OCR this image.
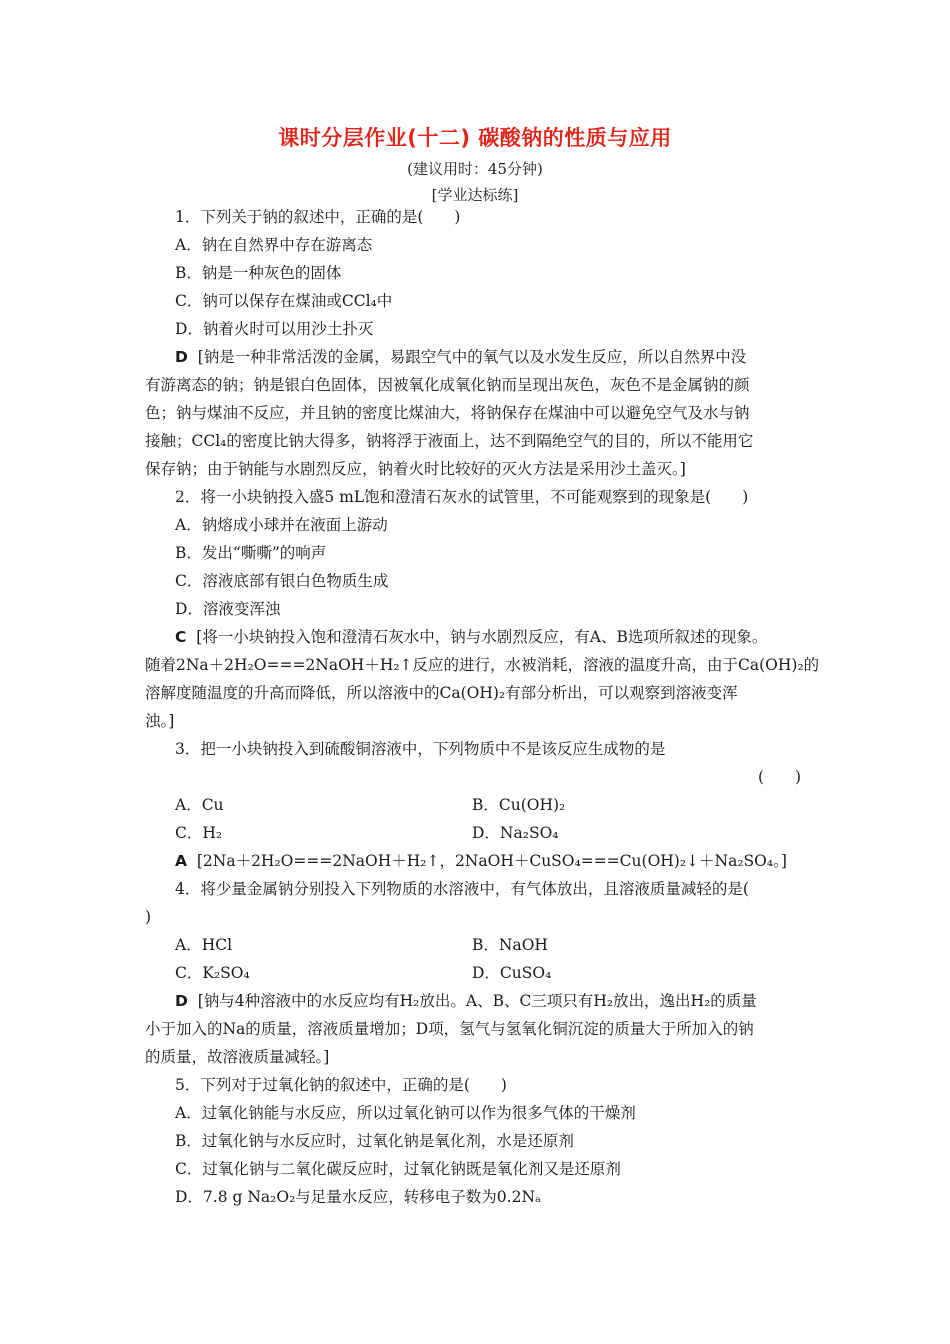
课时分层作业(十二) 碳酸钠的性质与应用
(建议用时：45分钟)
[学业达标练]
1．下列关于钠的叙述中，正确的是(　　)
A．钠在自然界中存在游离态
B．钠是一种灰色的固体
C．钠可以保存在煤油或CCl₄中
D．钠着火时可以用沙土扑灭
D [钠是一种非常活泼的金属，易跟空气中的氧气以及水发生反应，所以自然界中没
有游离态的钠；钠是银白色固体，因被氧化成氧化钠而呈现出灰色，灰色不是金属钠的颜
色；钠与煤油不反应，并且钠的密度比煤油大，将钠保存在煤油中可以避免空气及水与钠
接触；CCl₄的密度比钠大得多，钠将浮于液面上，达不到隔绝空气的目的，所以不能用它
保存钠；由于钠能与水剧烈反应，钠着火时比较好的灭火方法是采用沙土盖灭。]
2．将一小块钠投入盛5 mL饱和澄清石灰水的试管里，不可能观察到的现象是(　　)
A．钠熔成小球并在液面上游动
B．发出“嘶嘶”的响声
C．溶液底部有银白色物质生成
D．溶液变浑浊
C [将一小块钠投入饱和澄清石灰水中，钠与水剧烈反应，有A、B选项所叙述的现象。
随着2Na＋2H₂O===2NaOH＋H₂↑反应的进行，水被消耗，溶液的温度升高，由于Ca(OH)₂的
溶解度随温度的升高而降低，所以溶液中的Ca(OH)₂有部分析出，可以观察到溶液变浑
浊。]
3．把一小块钠投入到硫酸铜溶液中，下列物质中不是该反应生成物的是
(　　)
A．Cu	B．Cu(OH)₂
C．H₂	D．Na₂SO₄
A [2Na＋2H₂O===2NaOH＋H₂↑，2NaOH＋CuSO₄===Cu(OH)₂↓＋Na₂SO₄。]
4．将少量金属钠分别投入下列物质的水溶液中，有气体放出，且溶液质量减轻的是(
)
A．HCl	B．NaOH
C．K₂SO₄	D．CuSO₄
D [钠与4种溶液中的水反应均有H₂放出。A、B、C三项只有H₂放出，逸出H₂的质量
小于加入的Na的质量，溶液质量增加；D项，氢气与氢氧化铜沉淀的质量大于所加入的钠
的质量，故溶液质量减轻。]
5．下列对于过氧化钠的叙述中，正确的是(　　)
A．过氧化钠能与水反应，所以过氧化钠可以作为很多气体的干燥剂
B．过氧化钠与水反应时，过氧化钠是氧化剂，水是还原剂
C．过氧化钠与二氧化碳反应时，过氧化钠既是氧化剂又是还原剂
D．7.8 g Na₂O₂与足量水反应，转移电子数为0.2Nₐ
